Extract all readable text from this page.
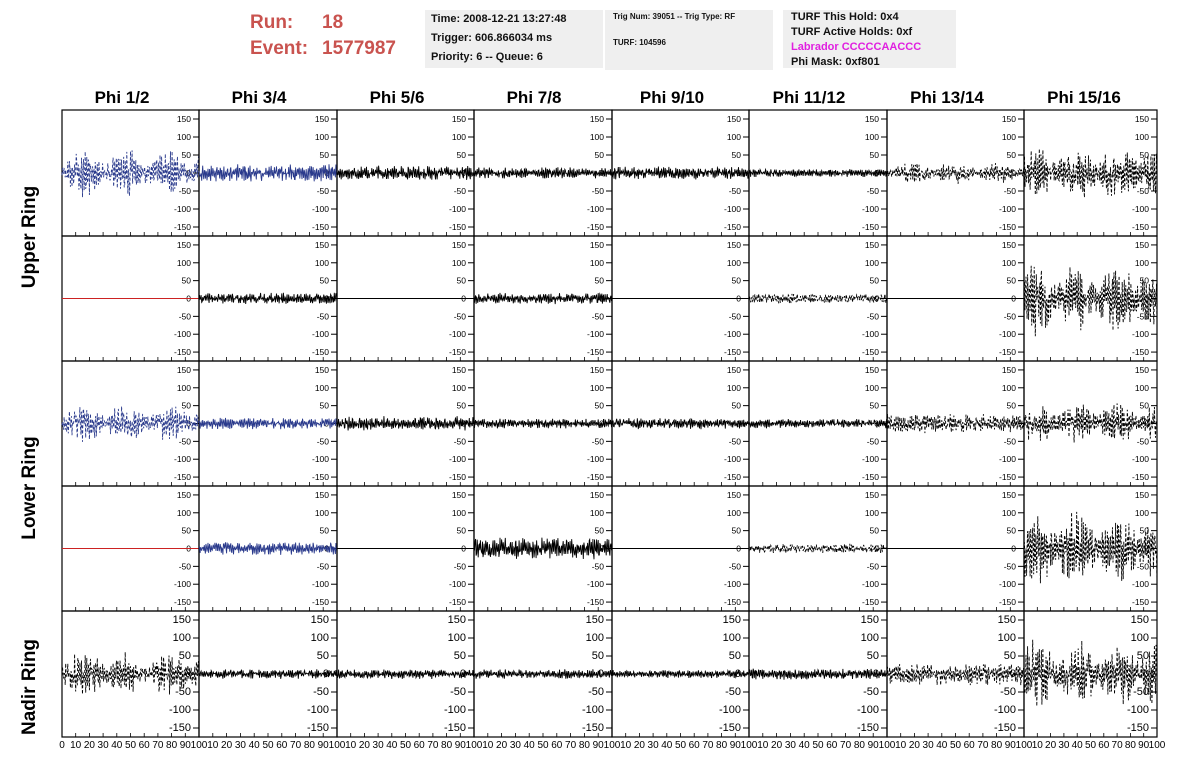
Run: 18
Event: 1577987
Time: 2008-12-21 13:27:48
Trigger: 606.866034 ms
Priority: 6 -- Queue: 6
Trig Num: 39051 -- Trig Type: RF
TURF: 104596
TURF This Hold: 0x4
TURF Active Holds: 0xf
Labrador CCCCCAACCC
Phi Mask: 0xf801
Phi 1/2	Phi 3/4	Phi 5/6	Phi 7/8	Phi 9/10	Phi 11/12	Phi 13/14	Phi 15/16
Upper Ring
Lower Ring
Nadir Ring
150
100
50
0
-50
-100
-150
150
100
50
0
-50
-100
-150
150
100
50
0
-50
-100
-150
150
100
50
0
-50
-100
-150
150
100
50
0
-50
-100
-150
150
100
50
0
-50
-100
-150
150
100
50
0
-50
-100
-150
150
100
50
0
-50
-100
-150
150
100
50
0
-50
-100
-150
150
100
50
0
-50
-100
-150
150
100
50
0
-50
-100
-150
150
100
50
0
-50
-100
-150
150
100
50
0
-50
-100
-150
150
100
50
0
-50
-100
-150
150
100
50
0
-50
-100
-150
150
100
50
0
-50
-100
-150
150
100
50
0
-50
-100
-150
150
100
50
0
-50
-100
-150
150
100
50
0
-50
-100
-150
150
100
50
0
-50
-100
-150
150
100
50
0
-50
-100
-150
150
100
50
0
-50
-100
-150
150
100
50
0
-50
-100
-150
150
100
50
0
-50
-100
-150
150
100
50
0
-50
-100
-150
150
100
50
0
-50
-100
-150
150
100
50
0
-50
-100
-150
150
100
50
0
-50
-100
-150
150
100
50
0
-50
-100
-150
150
100
50
0
-50
-100
-150
150
100
50
0
-50
-100
-150
150
100
50
0
-50
-100
-150
150
100
50
0
-50
-100
-150
150
100
50
0
-50
-100
-150
150
100
50
0
-50
-100
-150
150
100
50
0
-50
-100
-150
150
100
50
0
-50
-100
-150
150
100
50
0
-50
-100
-150
150
100
50
0
-50
-100
-150
150
100
50
0
-50
-100
-150
0 10 20 30 40 50 60 70 80 90 100 10 20 30 40 50 60 70 80 90 100 10 20 30 40 50 60 70 80 90 100 10 20 30 40 50 60 70 80 90 100 10 20 30 40 50 60 70 80 90 100 10 20 30 40 50 60 70 80 90 100 10 20 30 40 50 60 70 80 90 100 10 20 30 40 50 60 70 80 90 100
